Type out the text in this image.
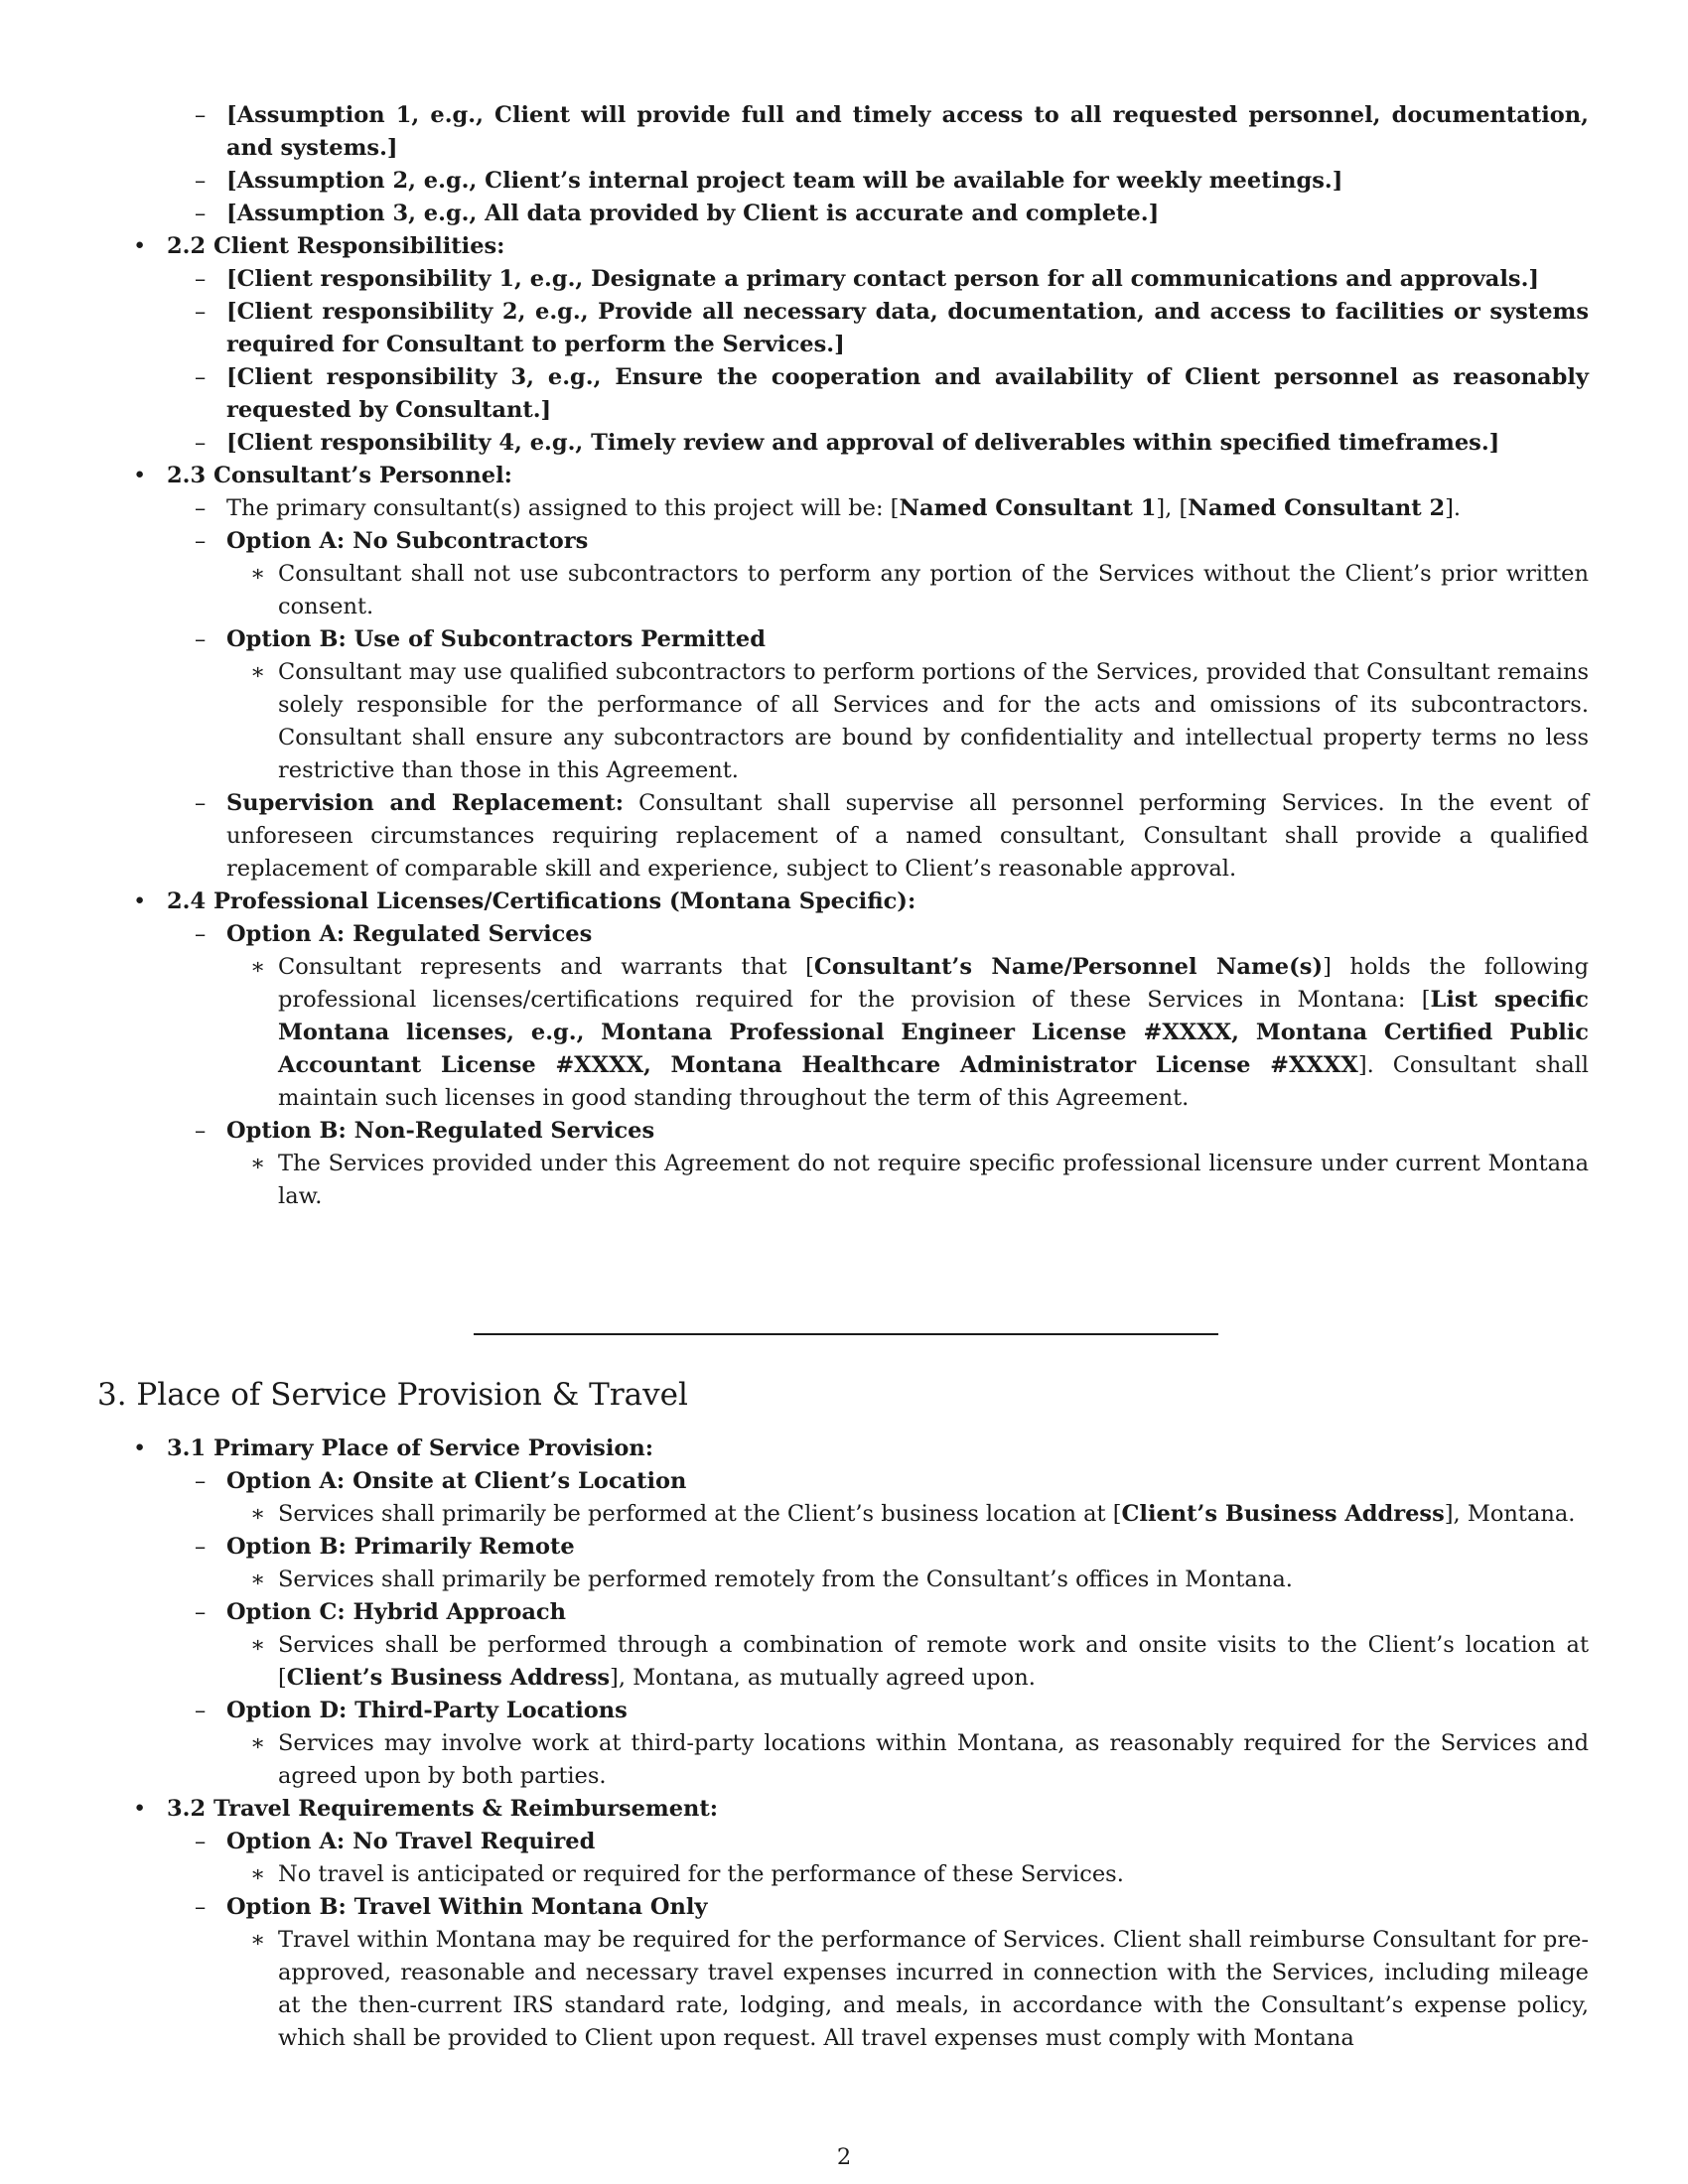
– [Assumption 1, e.g., Client will provide full and timely access to all requested personnel, documentation, and systems.]
– [Assumption 2, e.g., Client’s internal project team will be available for weekly meetings.]
– [Assumption 3, e.g., All data provided by Client is accurate and complete.]
• 2.2 Client Responsibilities:
– [Client responsibility 1, e.g., Designate a primary contact person for all communications and approvals.]
– [Client responsibility 2, e.g., Provide all necessary data, documentation, and access to facilities or systems required for Consultant to perform the Services.]
– [Client responsibility 3, e.g., Ensure the cooperation and availability of Client personnel as reasonably requested by Consultant.]
– [Client responsibility 4, e.g., Timely review and approval of deliverables within specified timeframes.]
• 2.3 Consultant’s Personnel:
– The primary consultant(s) assigned to this project will be: [Named Consultant 1], [Named Consultant 2].
– Option A: No Subcontractors
∗ Consultant shall not use subcontractors to perform any portion of the Services without the Client’s prior written consent.
– Option B: Use of Subcontractors Permitted
∗ Consultant may use qualified subcontractors to perform portions of the Services, provided that Consultant remains solely responsible for the performance of all Services and for the acts and omissions of its subcontractors. Consultant shall ensure any subcontractors are bound by confidentiality and intellectual property terms no less restrictive than those in this Agreement.
– Supervision and Replacement: Consultant shall supervise all personnel performing Services. In the event of unforeseen circumstances requiring replacement of a named consultant, Consultant shall provide a qualified replacement of comparable skill and experience, subject to Client’s reasonable approval.
• 2.4 Professional Licenses/Certifications (Montana Specific):
– Option A: Regulated Services
∗ Consultant represents and warrants that [Consultant’s Name/Personnel Name(s)] holds the following professional licenses/certifications required for the provision of these Services in Montana: [List specific Montana licenses, e.g., Montana Professional Engineer License #XXXX, Montana Certified Public Accountant License #XXXX, Montana Healthcare Administrator License #XXXX]. Consultant shall maintain such licenses in good standing throughout the term of this Agreement.
– Option B: Non-Regulated Services
∗ The Services provided under this Agreement do not require specific professional licensure under current Montana law.
3. Place of Service Provision & Travel
• 3.1 Primary Place of Service Provision:
– Option A: Onsite at Client’s Location
∗ Services shall primarily be performed at the Client’s business location at [Client’s Business Address], Montana.
– Option B: Primarily Remote
∗ Services shall primarily be performed remotely from the Consultant’s offices in Montana.
– Option C: Hybrid Approach
∗ Services shall be performed through a combination of remote work and onsite visits to the Client’s location at [Client’s Business Address], Montana, as mutually agreed upon.
– Option D: Third-Party Locations
∗ Services may involve work at third-party locations within Montana, as reasonably required for the Services and agreed upon by both parties.
• 3.2 Travel Requirements & Reimbursement:
– Option A: No Travel Required
∗ No travel is anticipated or required for the performance of these Services.
– Option B: Travel Within Montana Only
∗ Travel within Montana may be required for the performance of Services. Client shall reimburse Consultant for pre-approved, reasonable and necessary travel expenses incurred in connection with the Services, including mileage at the then-current IRS standard rate, lodging, and meals, in accordance with the Consultant’s expense policy, which shall be provided to Client upon request. All travel expenses must comply with Montana
2
